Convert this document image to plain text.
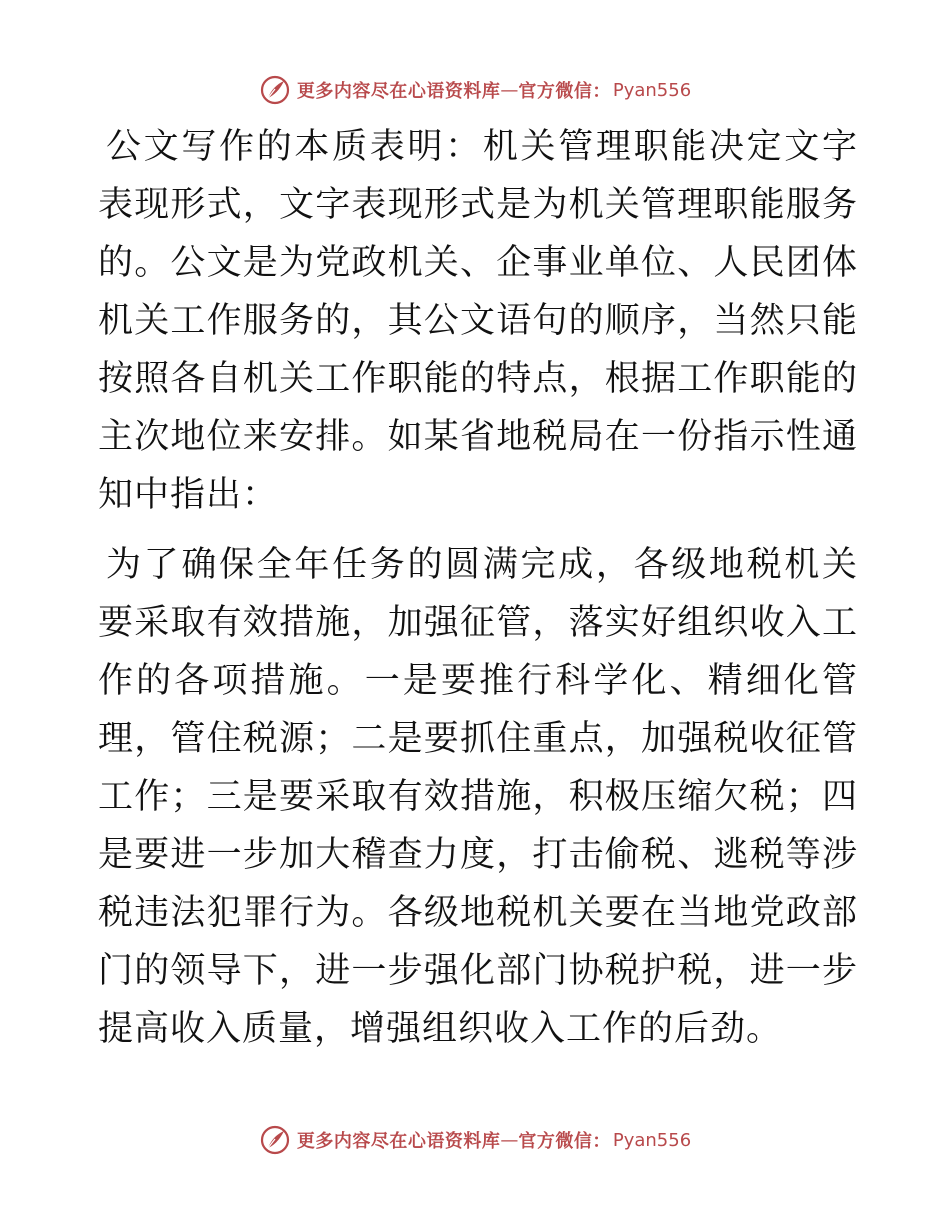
更多内容尽在心语资料库 — 官方微信： Pyan556

公文写作的本质表明：机关管理职能决定文字表现形式，文字表现形式是为机关管理职能服务的。公文是为党政机关、企事业单位、人民团体机关工作服务的，其公文语句的顺序，当然只能按照各自机关工作职能的特点，根据工作职能的主次地位来安排。如某省地税局在一份指示性通知中指出：

为了确保全年任务的圆满完成，各级地税机关要采取有效措施，加强征管，落实好组织收入工作的各项措施。一是要推行科学化、精细化管理，管住税源；二是要抓住重点，加强税收征管工作；三是要采取有效措施，积极压缩欠税；四是要进一步加大稽查力度，打击偷税、逃税等涉税违法犯罪行为。各级地税机关要在当地党政部门的领导下，进一步强化部门协税护税，进一步提高收入质量，增强组织收入工作的后劲。

更多内容尽在心语资料库 — 官方微信： Pyan556
